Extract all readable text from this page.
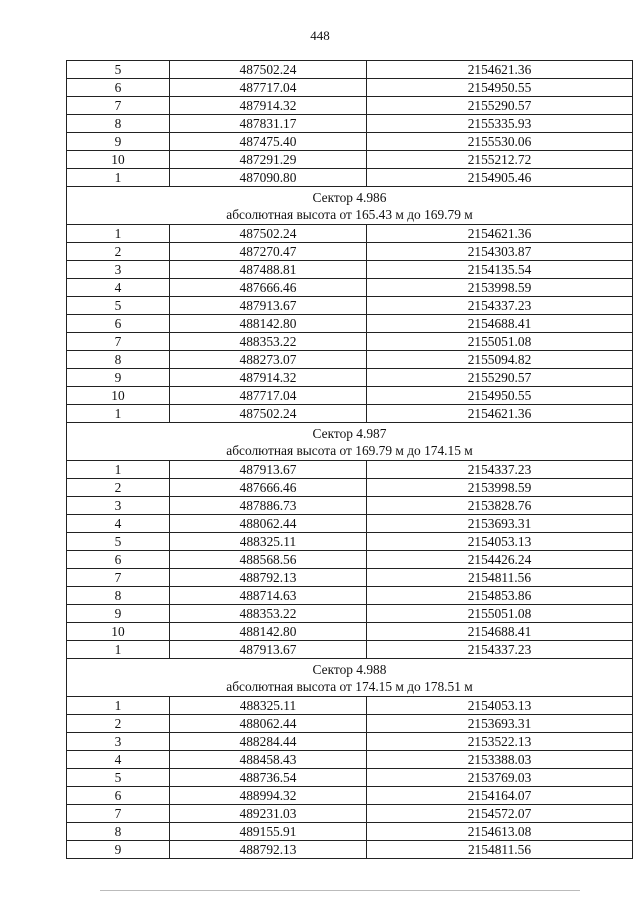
448
5	487502.24	2154621.36
6	487717.04	2154950.55
7	487914.32	2155290.57
8	487831.17	2155335.93
9	487475.40	2155530.06
10	487291.29	2155212.72
1	487090.80	2154905.46

Сектор 4.986
абсолютная высота от 165.43 м до 169.79 м		

1	487502.24	2154621.36
2	487270.47	2154303.87
3	487488.81	2154135.54
4	487666.46	2153998.59
5	487913.67	2154337.23
6	488142.80	2154688.41
7	488353.22	2155051.08
8	488273.07	2155094.82
9	487914.32	2155290.57
10	487717.04	2154950.55
1	487502.24	2154621.36

Сектор 4.987
абсолютная высота от 169.79 м до 174.15 м		

1	487913.67	2154337.23
2	487666.46	2153998.59
3	487886.73	2153828.76
4	488062.44	2153693.31
5	488325.11	2154053.13
6	488568.56	2154426.24
7	488792.13	2154811.56
8	488714.63	2154853.86
9	488353.22	2155051.08
10	488142.80	2154688.41
1	487913.67	2154337.23

Сектор 4.988
абсолютная высота от 174.15 м до 178.51 м		

1	488325.11	2154053.13
2	488062.44	2153693.31
3	488284.44	2153522.13
4	488458.43	2153388.03
5	488736.54	2153769.03
6	488994.32	2154164.07
7	489231.03	2154572.07
8	489155.91	2154613.08
9	488792.13	2154811.56
